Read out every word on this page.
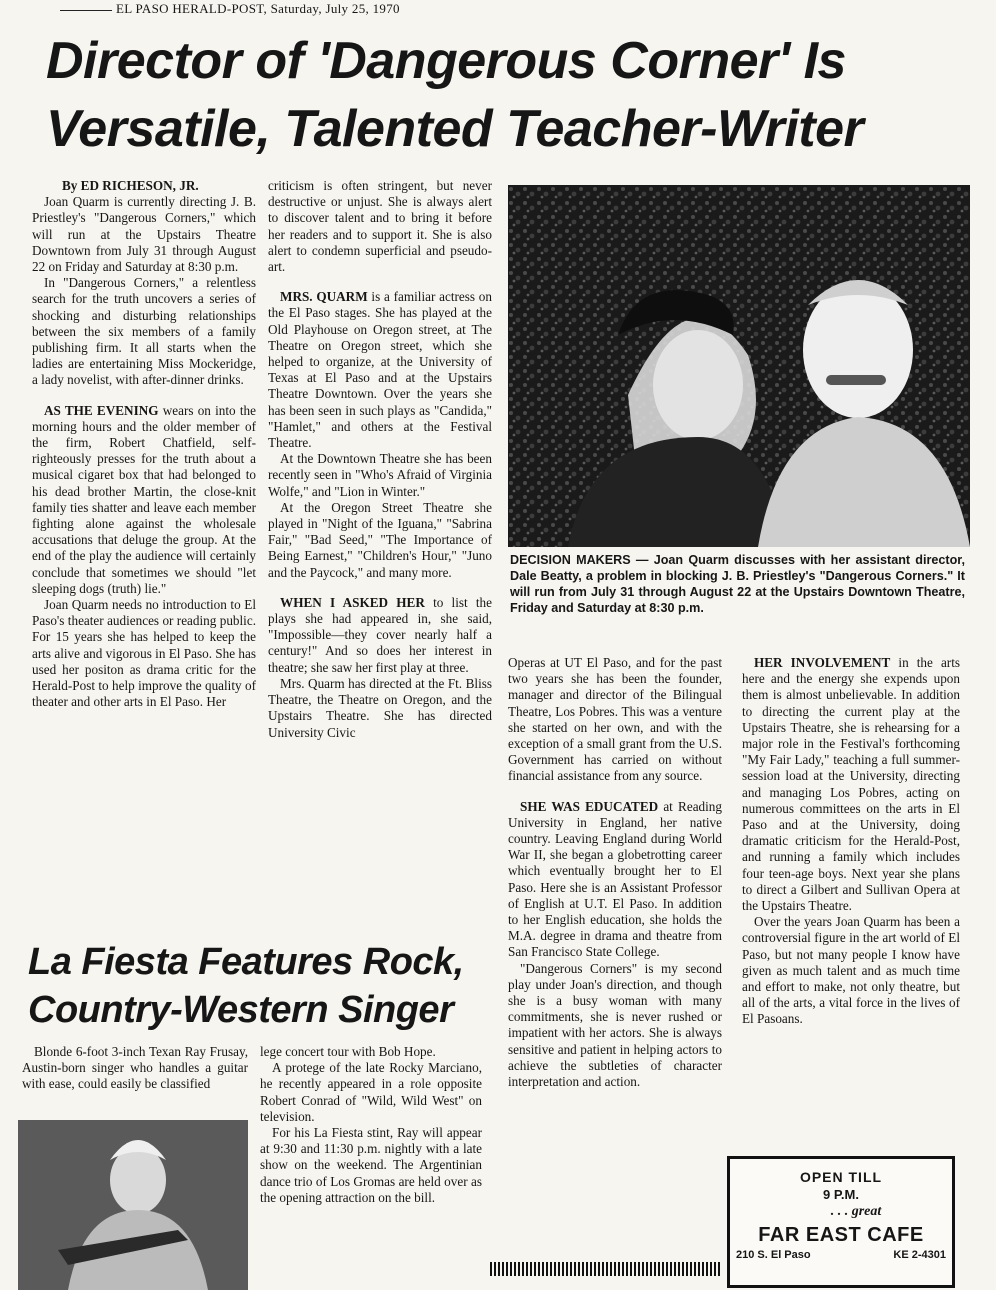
EL PASO HERALD-POST, Saturday, July 25, 1970
Director of 'Dangerous Corner' Is
Versatile, Talented Teacher-Writer

By ED RICHESON, JR.

Joan Quarm is currently directing J. B. Priestley's "Dangerous Corners," which will run at the Upstairs Theatre Downtown from July 31 through August 22 on Friday and Saturday at 8:30 p.m.

In "Dangerous Corners," a relentless search for the truth uncovers a series of shocking and disturbing relationships between the six members of a family publishing firm. It all starts when the ladies are entertaining Miss Mockeridge, a lady novelist, with after-dinner drinks.

AS THE EVENING wears on into the morning hours and the older member of the firm, Robert Chatfield, self-righteously presses for the truth about a musical cigaret box that had belonged to his dead brother Martin, the close-knit family ties shatter and leave each member fighting alone against the wholesale accusations that deluge the group. At the end of the play the audience will certainly conclude that sometimes we should "let sleeping dogs (truth) lie."

Joan Quarm needs no introduction to El Paso's theater audiences or reading public. For 15 years she has helped to keep the arts alive and vigorous in El Paso. She has used her positon as drama critic for the Herald-Post to help improve the quality of theater and other arts in El Paso. Her

criticism is often stringent, but never destructive or unjust. She is always alert to discover talent and to bring it before her readers and to support it. She is also alert to condemn superficial and pseudo-art.

MRS. QUARM is a familiar actress on the El Paso stages. She has played at the Old Playhouse on Oregon street, at The Theatre on Oregon street, which she helped to organize, at the University of Texas at El Paso and at the Upstairs Theatre Downtown. Over the years she has been seen in such plays as "Candida," "Hamlet," and others at the Festival Theatre.

At the Downtown Theatre she has been recently seen in "Who's Afraid of Virginia Wolfe," and "Lion in Winter."

At the Oregon Street Theatre she played in "Night of the Iguana," "Sabrina Fair," "Bad Seed," "The Importance of Being Earnest," "Children's Hour," "Juno and the Paycock," and many more.

WHEN I ASKED HER to list the plays she had appeared in, she said, "Impossible—they cover nearly half a century!" And so does her interest in theatre; she saw her first play at three.

Mrs. Quarm has directed at the Ft. Bliss Theatre, the Theatre on Oregon, and the Upstairs Theatre. She has directed University Civic

DECISION MAKERS — Joan Quarm discusses with her assistant director, Dale Beatty, a problem in blocking J. B. Priestley's "Dangerous Corners." It will run from July 31 through August 22 at the Upstairs Downtown Theatre, Friday and Saturday at 8:30 p.m.

Operas at UT El Paso, and for the past two years she has been the founder, manager and director of the Bilingual Theatre, Los Pobres. This was a venture she started on her own, and with the exception of a small grant from the U.S. Government has carried on without financial assistance from any source.

SHE WAS EDUCATED at Reading University in England, her native country. Leaving England during World War II, she began a globetrotting career which eventually brought her to El Paso. Here she is an Assistant Professor of English at U.T. El Paso. In addition to her English education, she holds the M.A. degree in drama and theatre from San Francisco State College.

"Dangerous Corners" is my second play under Joan's direction, and though she is a busy woman with many commitments, she is never rushed or impatient with her actors. She is always sensitive and patient in helping actors to achieve the subtleties of character interpretation and action.

HER INVOLVEMENT in the arts here and the energy she expends upon them is almost unbelievable. In addition to directing the current play at the Upstairs Theatre, she is rehearsing for a major role in the Festival's forthcoming "My Fair Lady," teaching a full summer-session load at the University, directing and managing Los Pobres, acting on numerous committees on the arts in El Paso and at the University, doing dramatic criticism for the Herald-Post, and running a family which includes four teen-age boys. Next year she plans to direct a Gilbert and Sullivan Opera at the Upstairs Theatre.

Over the years Joan Quarm has been a controversial figure in the art world of El Paso, but not many people I know have given as much talent and as much time and effort to make, not only theatre, but all of the arts, a vital force in the lives of El Pasoans.

La Fiesta Features Rock,
Country-Western Singer

Blonde 6-foot 3-inch Texan Ray Frusay, Austin-born singer who handles a guitar with ease, could easily be classified

lege concert tour with Bob Hope.

A protege of the late Rocky Marciano, he recently appeared in a role opposite Robert Conrad of "Wild, Wild West" on television.

For his La Fiesta stint, Ray will appear at 9:30 and 11:30 p.m. nightly with a late show on the weekend. The Argentinian dance trio of Los Gromas are held over as the opening attraction on the bill.

OPEN TILL
9 P.M.
. . . great
FAR EAST CAFE
210 S. El Paso	KE 2-4301
